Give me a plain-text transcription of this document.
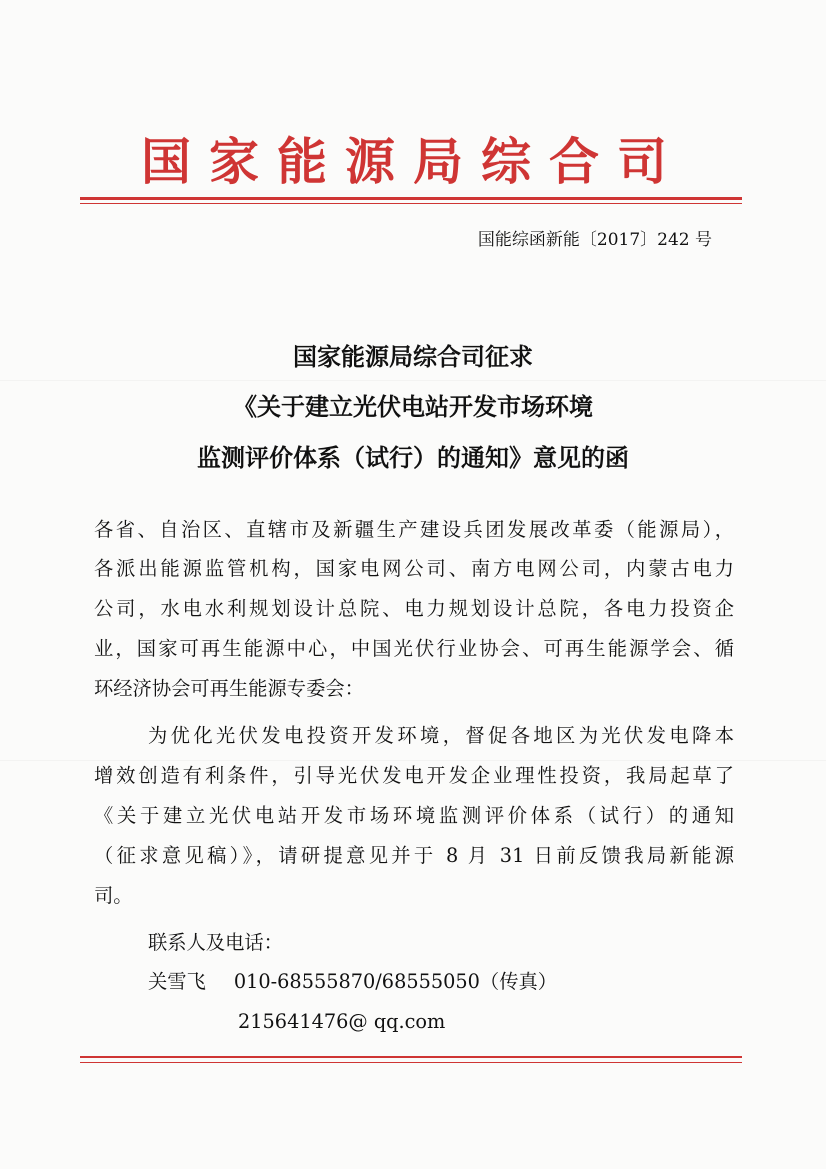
国家能源局综合司
国能综函新能〔2017〕242 号
国家能源局综合司征求
《关于建立光伏电站开发市场环境
监测评价体系（试行）的通知》意见的函
各省、自治区、直辖市及新疆生产建设兵团发展改革委（能源局），
各派出能源监管机构，国家电网公司、南方电网公司，内蒙古电力
公司，水电水利规划设计总院、电力规划设计总院，各电力投资企
业，国家可再生能源中心，中国光伏行业协会、可再生能源学会、循
环经济协会可再生能源专委会：
为优化光伏发电投资开发环境，督促各地区为光伏发电降本
增效创造有利条件，引导光伏发电开发企业理性投资，我局起草了
《关于建立光伏电站开发市场环境监测评价体系（试行）的通知
（征求意见稿）》，请研提意见并于 8 月 31 日前反馈我局新能源
司。
联系人及电话：
关雪飞 010-68555870/68555050（传真）
215641476@ qq.com
